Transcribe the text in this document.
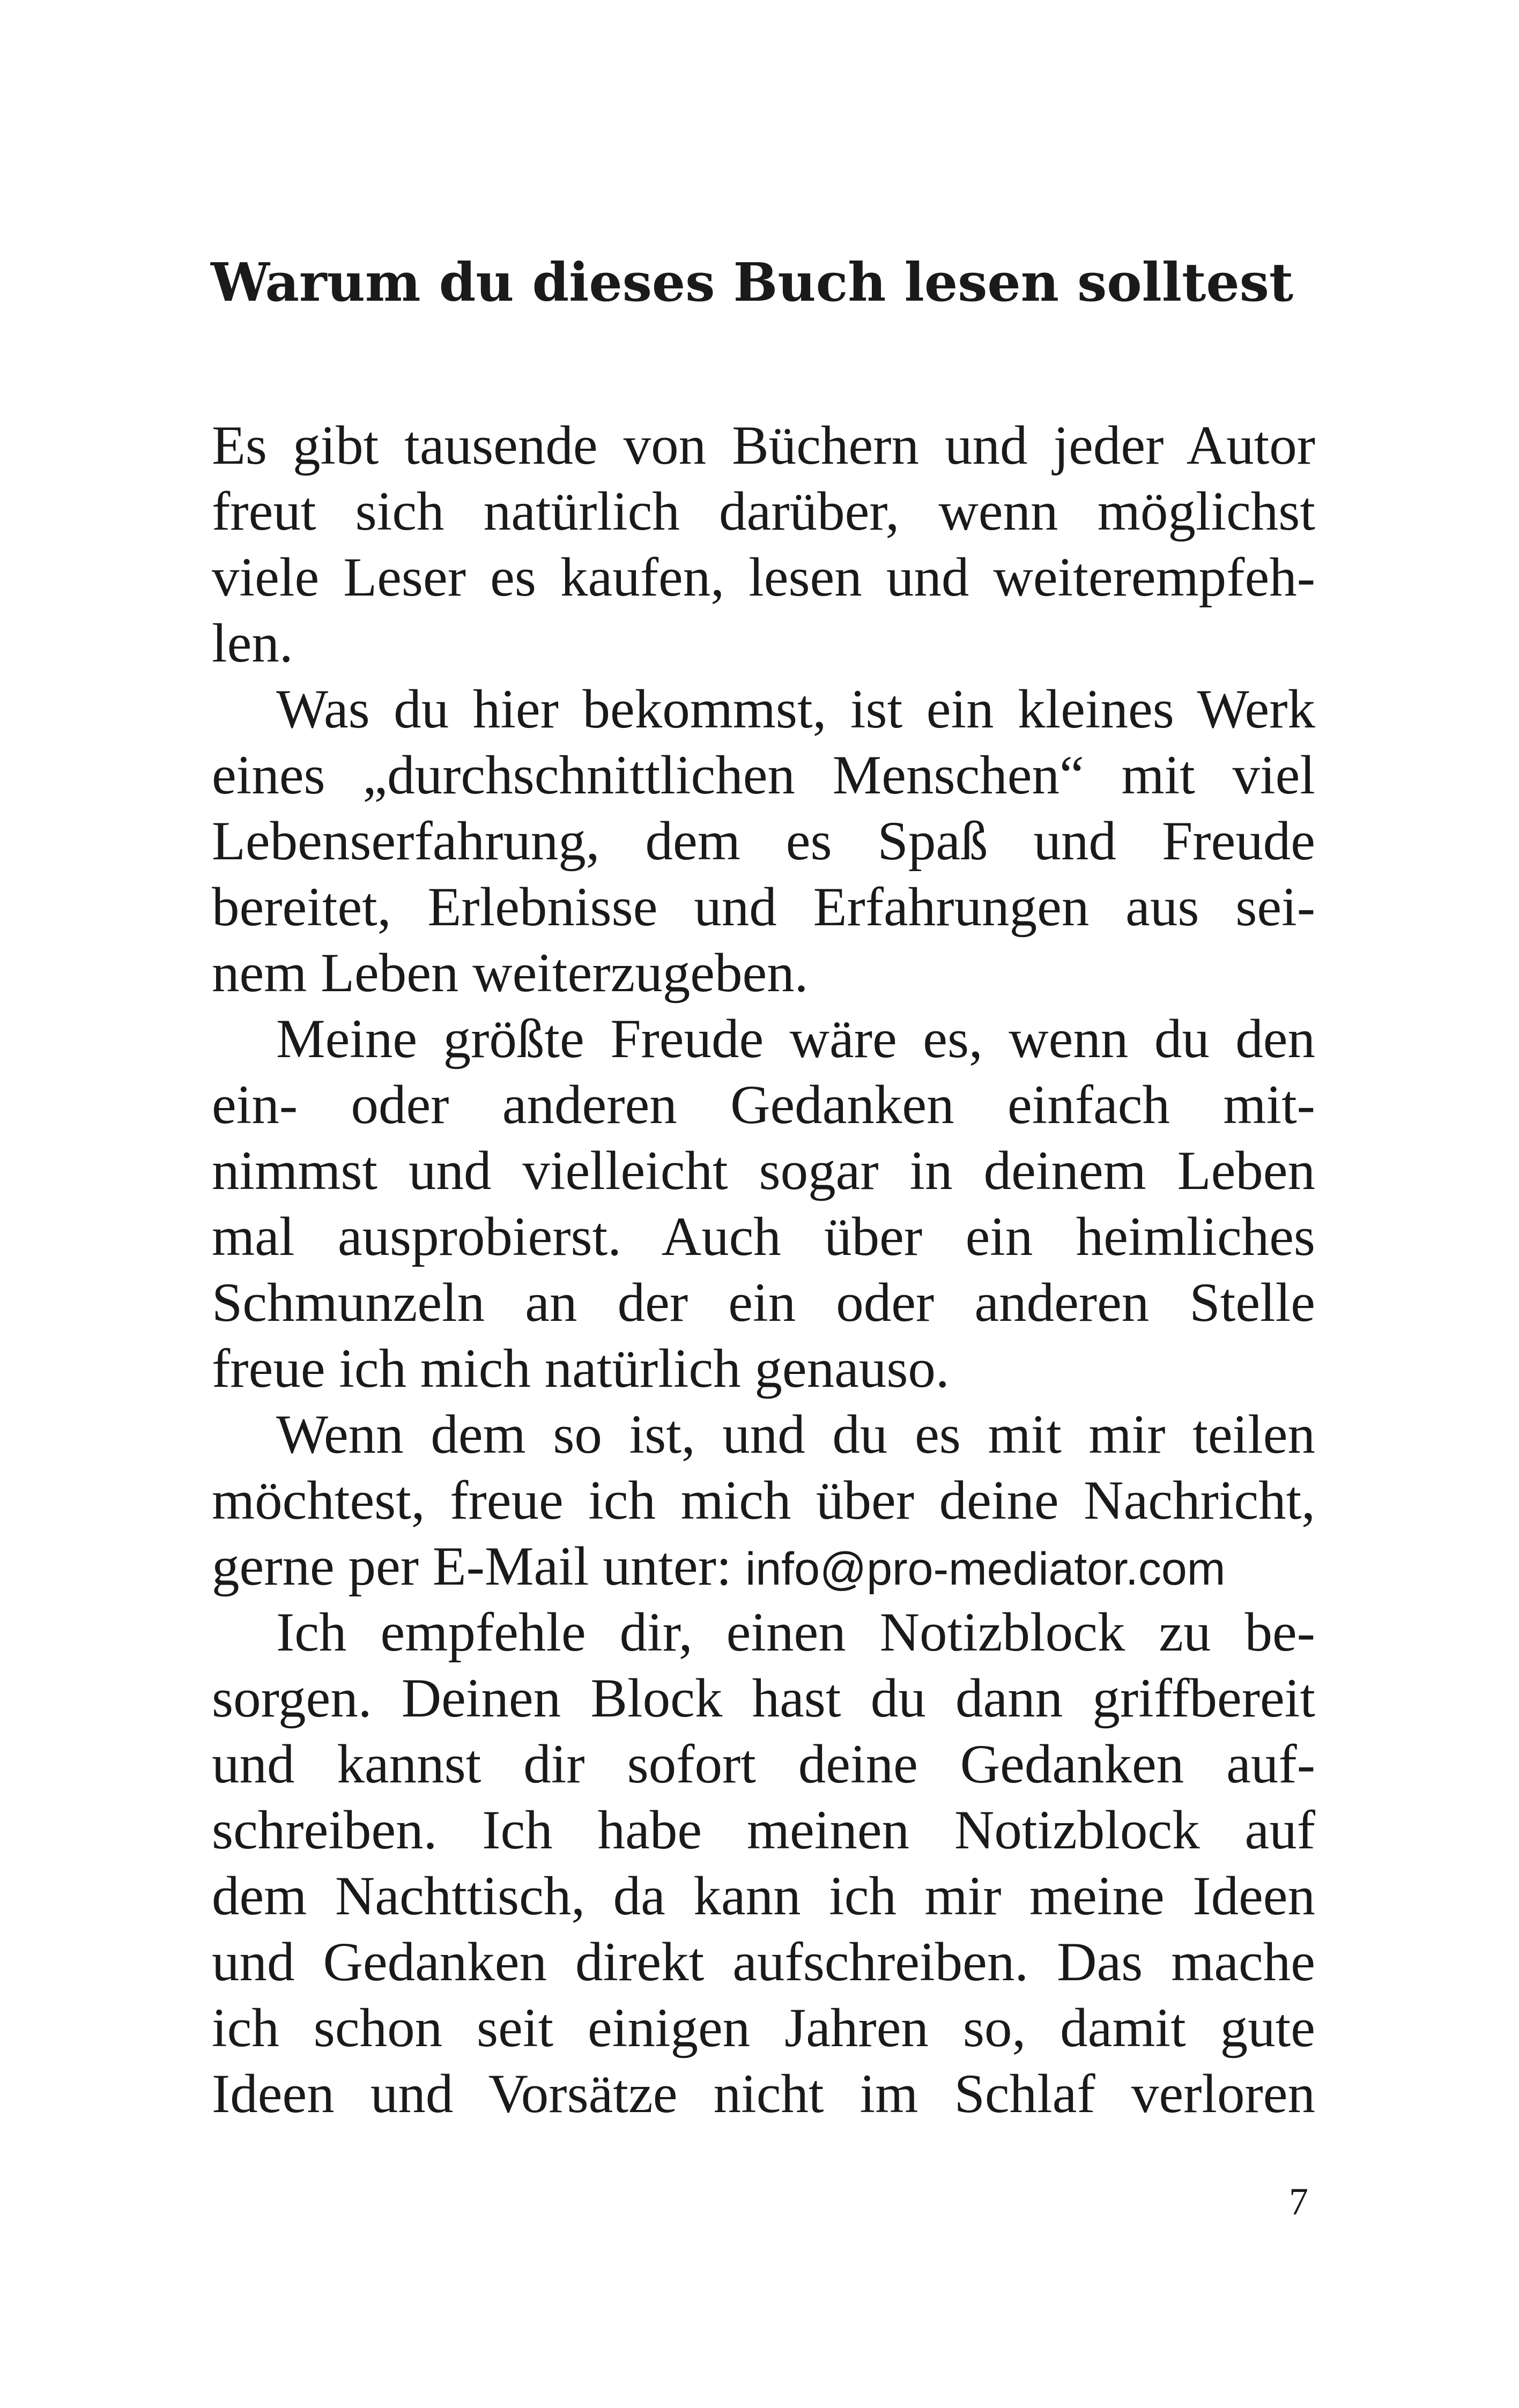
Warum du dieses Buch lesen solltest

Es gibt tausende von Büchern und jeder Autor
freut sich natürlich darüber, wenn möglichst
viele Leser es kaufen, lesen und weiterempfeh-
len.

Was du hier bekommst, ist ein kleines Werk
eines „durchschnittlichen Menschen“ mit viel
Lebenserfahrung, dem es Spaß und Freude
bereitet, Erlebnisse und Erfahrungen aus sei-
nem Leben weiterzugeben.

Meine größte Freude wäre es, wenn du den
ein- oder anderen Gedanken einfach mit-
nimmst und vielleicht sogar in deinem Leben
mal ausprobierst. Auch über ein heimliches
Schmunzeln an der ein oder anderen Stelle
freue ich mich natürlich genauso.

Wenn dem so ist, und du es mit mir teilen
möchtest, freue ich mich über deine Nachricht,
gerne per E-Mail unter: info@pro-mediator.com

Ich empfehle dir, einen Notizblock zu be-
sorgen. Deinen Block hast du dann griffbereit
und kannst dir sofort deine Gedanken auf-
schreiben. Ich habe meinen Notizblock auf
dem Nachttisch, da kann ich mir meine Ideen
und Gedanken direkt aufschreiben. Das mache
ich schon seit einigen Jahren so, damit gute
Ideen und Vorsätze nicht im Schlaf verloren

7
